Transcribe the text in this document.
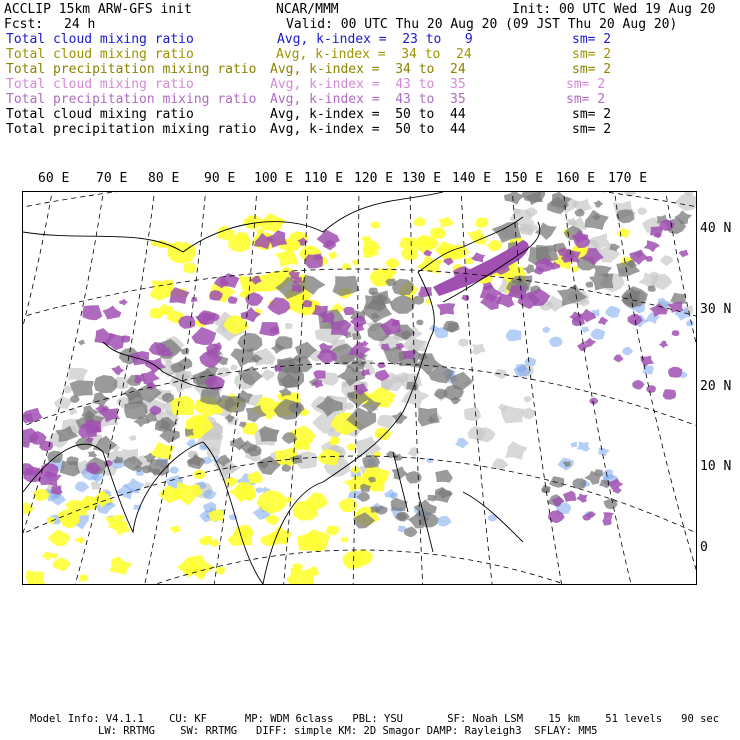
ACCLIP 15km ARW-GFS init	NCAR/MMM	Init: 00 UTC Wed 19 Aug 20
Fcst: 24 h	Valid: 00 UTC Thu 20 Aug 20 (09 JST Thu 20 Aug 20)
Total cloud mixing ratio	Avg, k-index =  23 to   9	sm= 2
Total cloud mixing ratio	Avg, k-index =  34 to  24	sm= 2
Total precipitation mixing ratio Avg, k-index =  34 to  24	sm= 2
Total cloud mixing ratio	Avg, k-index =  43 to  35	sm= 2
Total precipitation mixing ratio Avg, k-index =  43 to  35	sm= 2
Total cloud mixing ratio	Avg, k-index =  50 to  44	sm= 2
Total precipitation mixing ratio Avg, k-index =  50 to  44	sm= 2
60 E 70 E 80 E 90 E 100 E 110 E 120 E 130 E 140 E 150 E 160 E 170 E
40 N
30 N
20 N
10 N
0
Model Info: V4.1.1    CU: KF      MP: WDM 6class   PBL: YSU       SF: Noah LSM    15 km    51 levels   90 sec
LW: RRTMG    SW: RRTMG   DIFF: simple KM: 2D Smagor DAMP: Rayleigh3  SFLAY: MM5
